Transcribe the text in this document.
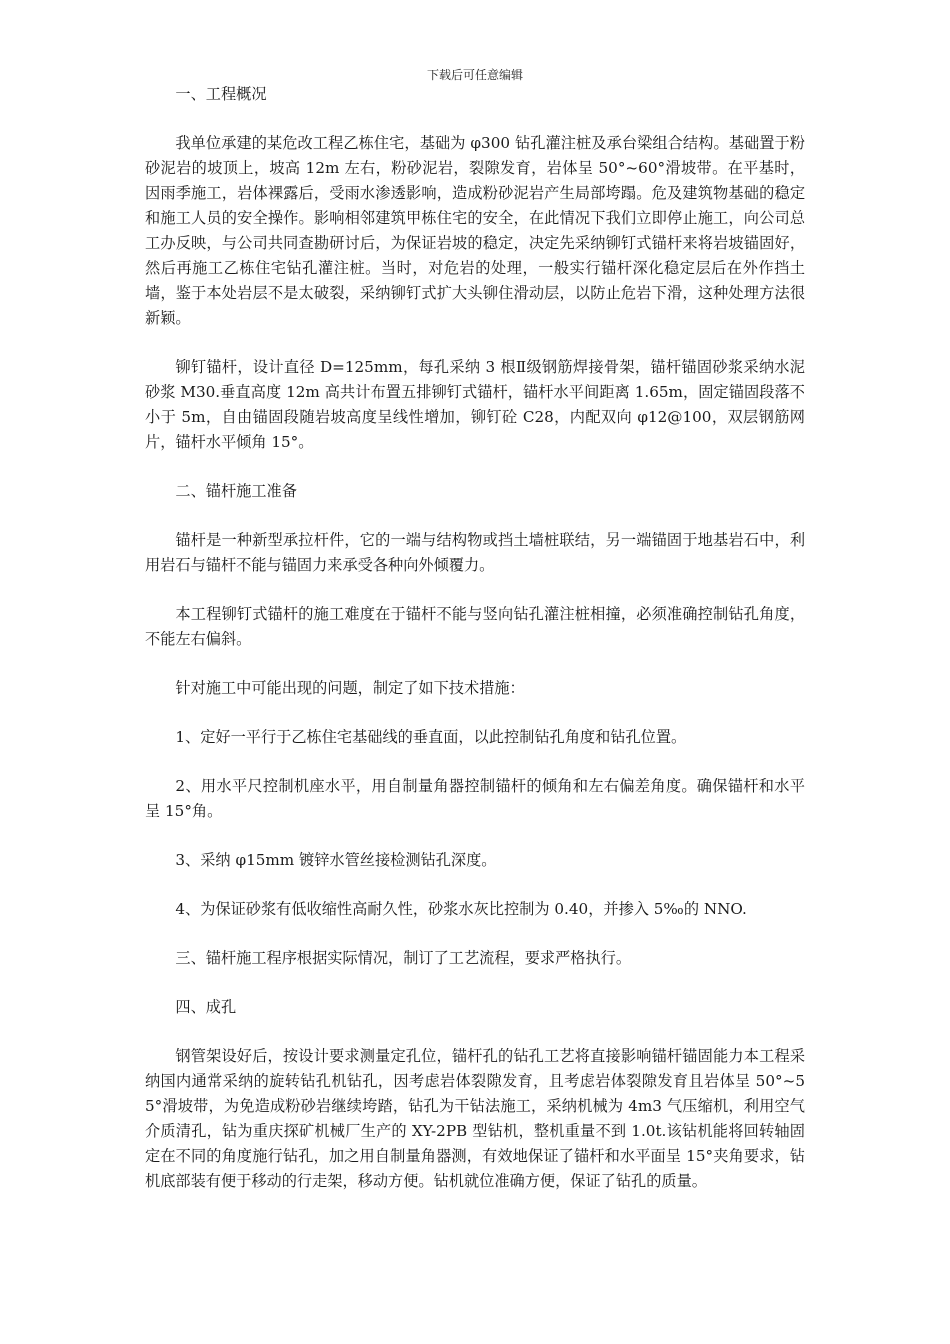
下载后可任意编辑

一、工程概况

我单位承建的某危改工程乙栋住宅，基础为 φ300 钻孔灌注桩及承台梁组合结构。基础置于粉砂泥岩的坡顶上，坡高 12m 左右，粉砂泥岩，裂隙发育，岩体呈 50°~60°滑坡带。在平基时，因雨季施工，岩体裸露后，受雨水渗透影响，造成粉砂泥岩产生局部垮蹋。危及建筑物基础的稳定和施工人员的安全操作。影响相邻建筑甲栋住宅的安全，在此情况下我们立即停止施工，向公司总工办反映，与公司共同查勘研讨后，为保证岩坡的稳定，决定先采纳铆钉式锚杆来将岩坡锚固好，然后再施工乙栋住宅钻孔灌注桩。当时，对危岩的处理，一般实行锚杆深化稳定层后在外作挡土墙，鉴于本处岩层不是太破裂，采纳铆钉式扩大头铆住滑动层，以防止危岩下滑，这种处理方法很新颖。

铆钉锚杆，设计直径 D=125mm，每孔采纳 3 根Ⅱ级钢筋焊接骨架，锚杆锚固砂浆采纳水泥砂浆 M30.垂直高度 12m 高共计布置五排铆钉式锚杆，锚杆水平间距离 1.65m，固定锚固段落不小于 5m，自由锚固段随岩坡高度呈线性增加，铆钉砼 C28，内配双向 φ12@100，双层钢筋网片，锚杆水平倾角 15°。

二、锚杆施工准备

锚杆是一种新型承拉杆件，它的一端与结构物或挡土墙桩联结，另一端锚固于地基岩石中，利用岩石与锚杆不能与锚固力来承受各种向外倾覆力。

本工程铆钉式锚杆的施工难度在于锚杆不能与竖向钻孔灌注桩相撞，必须准确控制钻孔角度，不能左右偏斜。

针对施工中可能出现的问题，制定了如下技术措施：

1、定好一平行于乙栋住宅基础线的垂直面，以此控制钻孔角度和钻孔位置。

2、用水平尺控制机座水平，用自制量角器控制锚杆的倾角和左右偏差角度。确保锚杆和水平呈 15°角。

3、采纳 φ15mm 镀锌水管丝接检测钻孔深度。

4、为保证砂浆有低收缩性高耐久性，砂浆水灰比控制为 0.40，并掺入 5‰的 NNO.

三、锚杆施工程序根据实际情况，制订了工艺流程，要求严格执行。

四、成孔

钢管架设好后，按设计要求测量定孔位，锚杆孔的钻孔工艺将直接影响锚杆锚固能力本工程采纳国内通常采纳的旋转钻孔机钻孔，因考虑岩体裂隙发育，且考虑岩体裂隙发育且岩体呈 50°~55°滑坡带，为免造成粉砂岩继续垮踏，钻孔为干钻法施工，采纳机械为 4m3 气压缩机，利用空气介质清孔，钻为重庆探矿机械厂生产的 XY-2PB 型钻机，整机重量不到 1.0t.该钻机能将回转轴固定在不同的角度施行钻孔，加之用自制量角器测，有效地保证了锚杆和水平面呈 15°夹角要求，钻机底部装有便于移动的行走架，移动方便。钻机就位准确方便，保证了钻孔的质量。
